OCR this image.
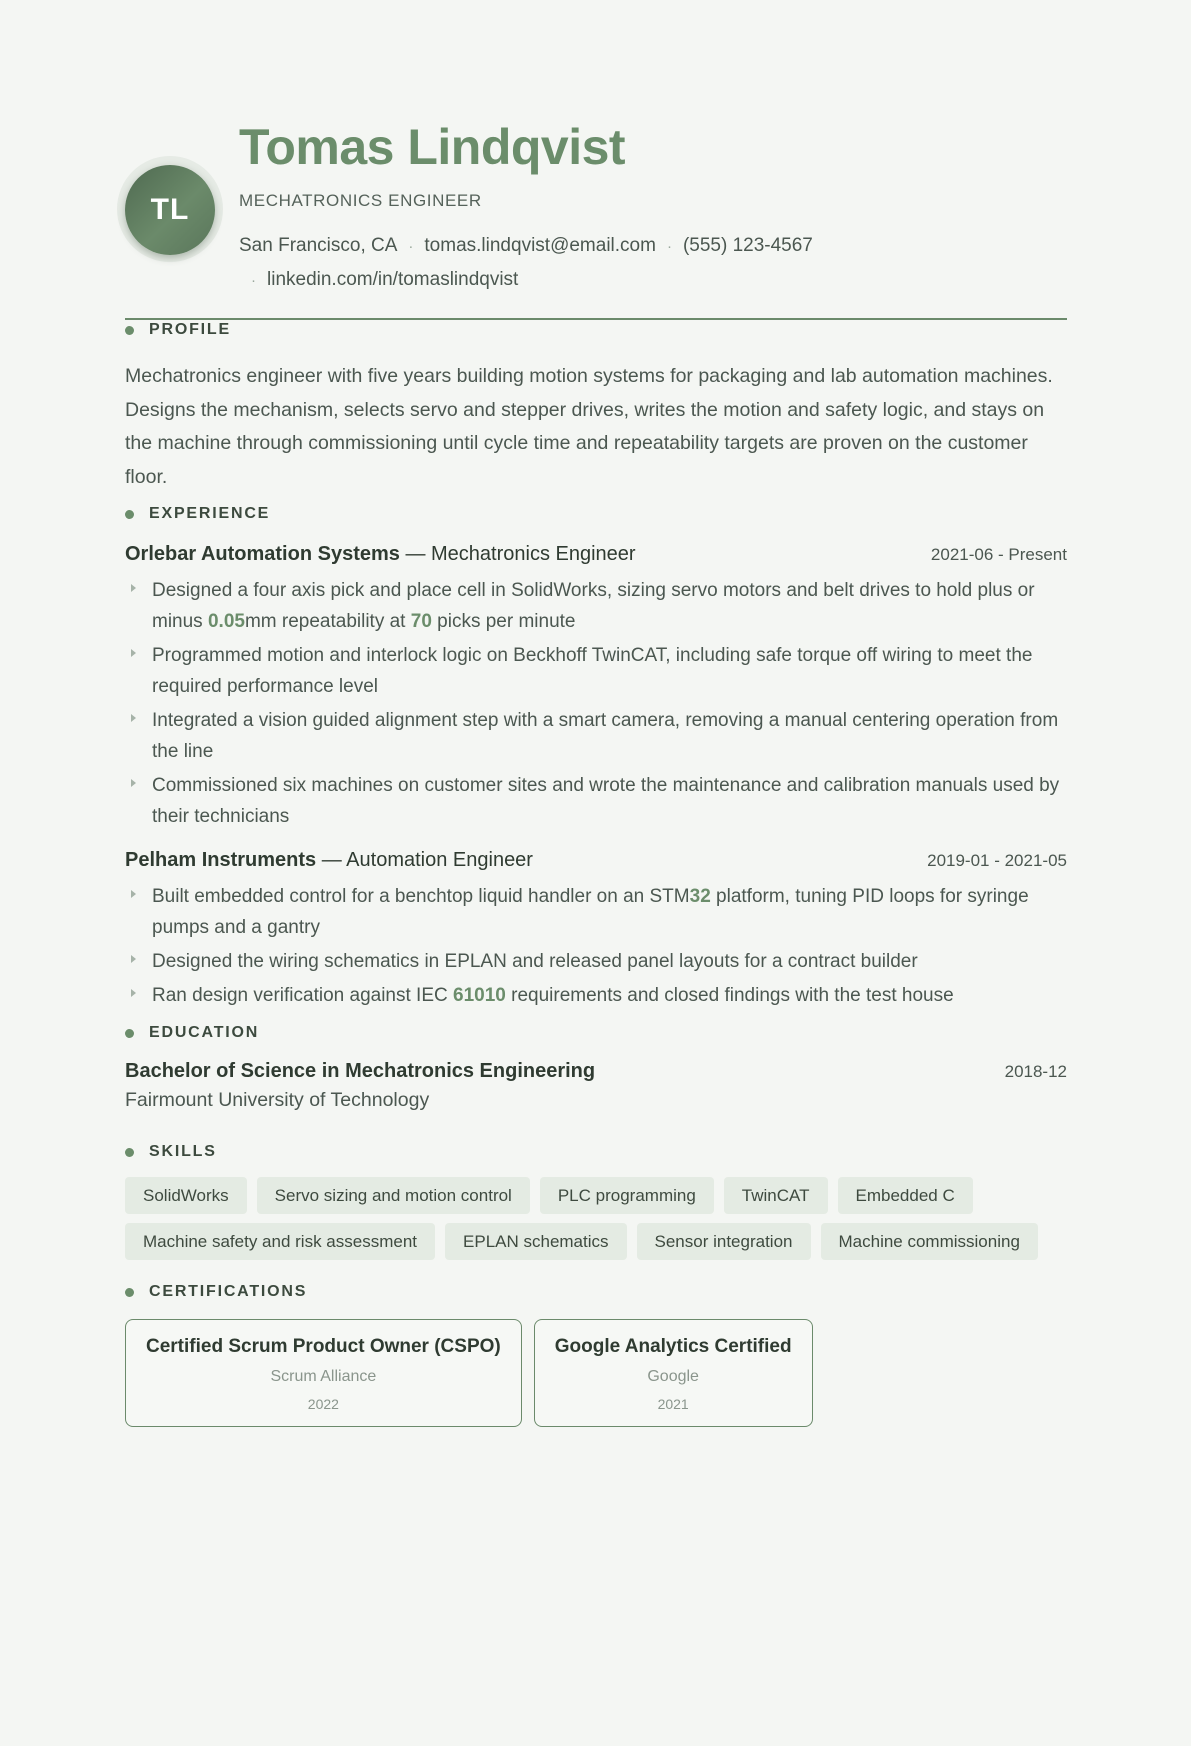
TL
Tomas Lindqvist
MECHATRONICS ENGINEER
San Francisco, CA · tomas.lindqvist@email.com · (555) 123-4567
· linkedin.com/in/tomaslindqvist
PROFILE
Mechatronics engineer with five years building motion systems for packaging and lab automation machines. Designs the mechanism, selects servo and stepper drives, writes the motion and safety logic, and stays on the machine through commissioning until cycle time and repeatability targets are proven on the customer floor.
EXPERIENCE
Orlebar Automation Systems — Mechatronics Engineer	2021-06 - Present
Designed a four axis pick and place cell in SolidWorks, sizing servo motors and belt drives to hold plus or minus 0.05mm repeatability at 70 picks per minute
Programmed motion and interlock logic on Beckhoff TwinCAT, including safe torque off wiring to meet the required performance level
Integrated a vision guided alignment step with a smart camera, removing a manual centering operation from the line
Commissioned six machines on customer sites and wrote the maintenance and calibration manuals used by their technicians
Pelham Instruments — Automation Engineer	2019-01 - 2021-05
Built embedded control for a benchtop liquid handler on an STM32 platform, tuning PID loops for syringe pumps and a gantry
Designed the wiring schematics in EPLAN and released panel layouts for a contract builder
Ran design verification against IEC 61010 requirements and closed findings with the test house
EDUCATION
Bachelor of Science in Mechatronics Engineering	2018-12
Fairmount University of Technology
SKILLS
SolidWorks	Servo sizing and motion control	PLC programming	TwinCAT	Embedded C
Machine safety and risk assessment	EPLAN schematics	Sensor integration	Machine commissioning
CERTIFICATIONS
Certified Scrum Product Owner (CSPO)
Scrum Alliance
2022
Google Analytics Certified
Google
2021
